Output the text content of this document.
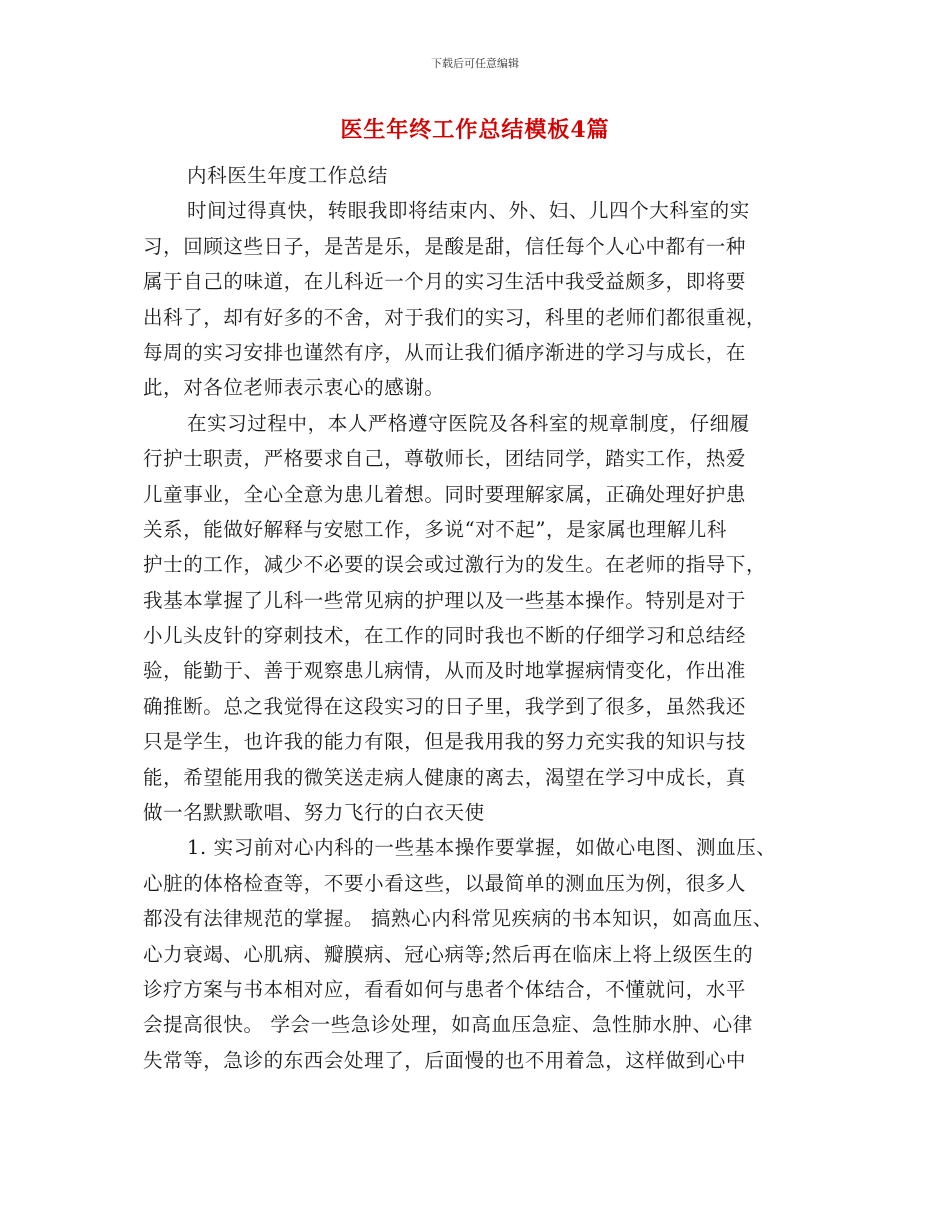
下载后可任意编辑
医生年终工作总结模板4篇
内科医生年度工作总结
时间过得真快，转眼我即将结束内、外、妇、儿四个大科室的实
习，回顾这些日子，是苦是乐，是酸是甜，信任每个人心中都有一种
属于自己的味道，在儿科近一个月的实习生活中我受益颇多，即将要
出科了，却有好多的不舍，对于我们的实习，科里的老师们都很重视，
每周的实习安排也谨然有序，从而让我们循序渐进的学习与成长，在
此，对各位老师表示衷心的感谢。
在实习过程中，本人严格遵守医院及各科室的规章制度，仔细履
行护士职责，严格要求自己，尊敬师长，团结同学，踏实工作，热爱
儿童事业，全心全意为患儿着想。同时要理解家属，正确处理好护患
关系，能做好解释与安慰工作，多说“对不起”，是家属也理解儿科
护士的工作，减少不必要的误会或过激行为的发生。在老师的指导下，
我基本掌握了儿科一些常见病的护理以及一些基本操作。特别是对于
小儿头皮针的穿刺技术，在工作的同时我也不断的仔细学习和总结经
验，能勤于、善于观察患儿病情，从而及时地掌握病情变化，作出准
确推断。总之我觉得在这段实习的日子里，我学到了很多，虽然我还
只是学生，也许我的能力有限，但是我用我的努力充实我的知识与技
能，希望能用我的微笑送走病人健康的离去，渴望在学习中成长，真
做一名默默歌唱、努力飞行的白衣天使
1. 实习前对心内科的一些基本操作要掌握，如做心电图、测血压、
心脏的体格检查等，不要小看这些，以最简单的测血压为例，很多人
都没有法律规范的掌握。 搞熟心内科常见疾病的书本知识，如高血压、
心力衰竭、心肌病、瓣膜病、冠心病等;然后再在临床上将上级医生的
诊疗方案与书本相对应，看看如何与患者个体结合，不懂就问，水平
会提高很快。 学会一些急诊处理，如高血压急症、急性肺水肿、心律
失常等，急诊的东西会处理了，后面慢的也不用着急，这样做到心中
